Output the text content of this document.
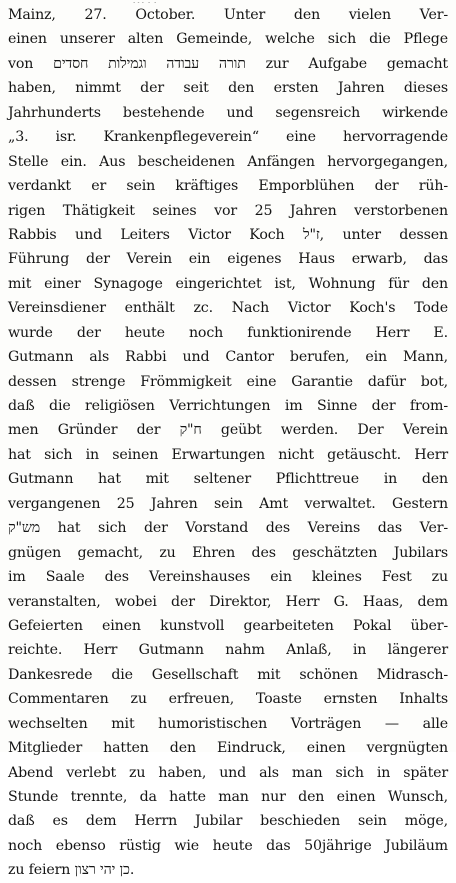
Mainz, 27. October. Unter den vielen Ver-
einen unserer alten Gemeinde, welche sich die Pflege
von תורה עבודה וגמילות חסדים zur Aufgabe gemacht
haben, nimmt der seit den ersten Jahren dieses
Jahrhunderts bestehende und segensreich wirkende
„3. isr. Krankenpflegeverein“ eine hervorragende
Stelle ein. Aus bescheidenen Anfängen hervorgegangen,
verdankt er sein kräftiges Emporblühen der rüh-
rigen Thätigkeit seines vor 25 Jahren verstorbenen
Rabbis und Leiters Victor Koch ז"ל, unter dessen
Führung der Verein ein eigenes Haus erwarb, das
mit einer Synagoge eingerichtet ist, Wohnung für den
Vereinsdiener enthält zc. Nach Victor Koch's Tode
wurde der heute noch funktionirende Herr E.
Gutmann als Rabbi und Cantor berufen, ein Mann,
dessen strenge Frömmigkeit eine Garantie dafür bot,
daß die religiösen Verrichtungen im Sinne der from-
men Gründer der ח"ק geübt werden. Der Verein
hat sich in seinen Erwartungen nicht getäuscht. Herr
Gutmann hat mit seltener Pflichttreue in den
vergangenen 25 Jahren sein Amt verwaltet. Gestern
מש"ק hat sich der Vorstand des Vereins das Ver-
gnügen gemacht, zu Ehren des geschätzten Jubilars
im Saale des Vereinshauses ein kleines Fest zu
veranstalten, wobei der Direktor, Herr G. Haas, dem
Gefeierten einen kunstvoll gearbeiteten Pokal über-
reichte. Herr Gutmann nahm Anlaß, in längerer
Dankesrede die Gesellschaft mit schönen Midrasch-
Commentaren zu erfreuen, Toaste ernsten Inhalts
wechselten mit humoristischen Vorträgen — alle
Mitglieder hatten den Eindruck, einen vergnügten
Abend verlebt zu haben, und als man sich in später
Stunde trennte, da hatte man nur den einen Wunsch,
daß es dem Herrn Jubilar beschieden sein möge,
noch ebenso rüstig wie heute das 50jährige Jubiläum
zu feiern כן יהי רצון.
